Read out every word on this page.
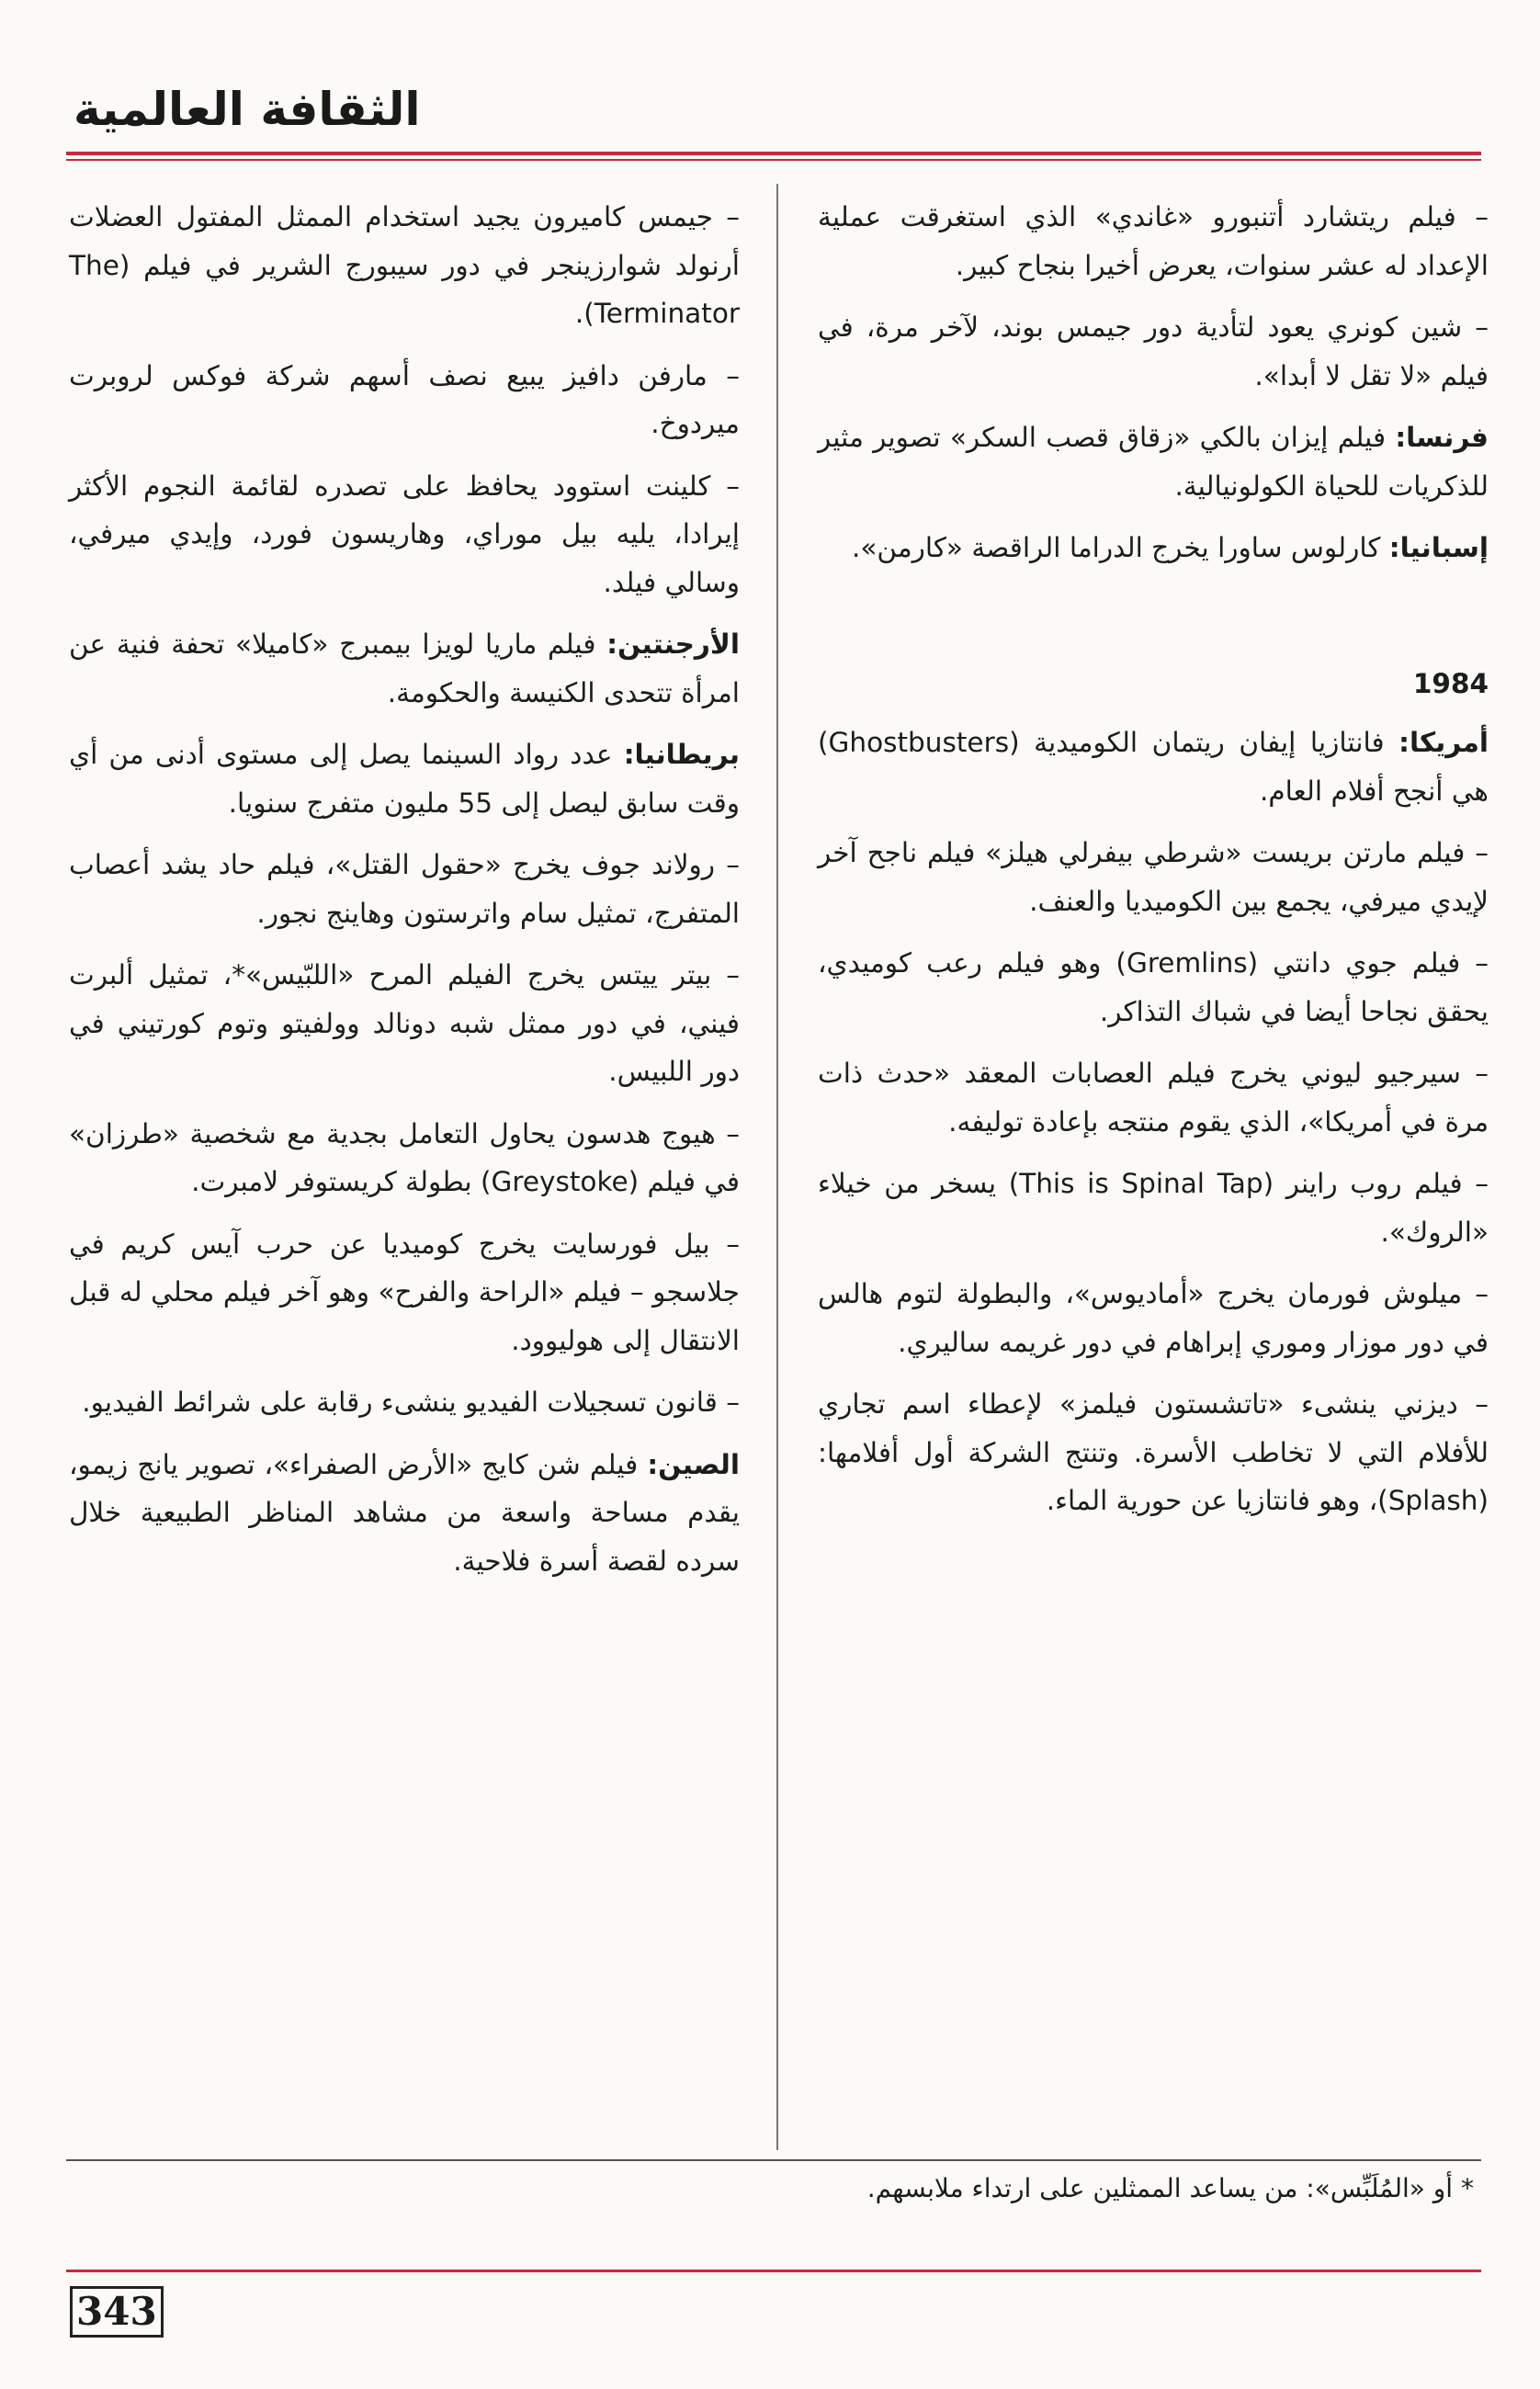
الثقافة العالمية

– فيلم ريتشارد أتنبورو «غاندي» الذي استغرقت عملية الإعداد له عشر سنوات، يعرض أخيرا بنجاح كبير.

– شين كونري يعود لتأدية دور جيمس بوند، لآخر مرة، في فيلم «لا تقل لا أبدا».

فرنسا: فيلم إيزان بالكي «زقاق قصب السكر» تصوير مثير للذكريات للحياة الكولونيالية.

إسبانيا: كارلوس ساورا يخرج الدراما الراقصة «كارمن».

1984

أمريكا: فانتازيا إيفان ريتمان الكوميدية (Ghostbusters) هي أنجح أفلام العام.

– فيلم مارتن بريست «شرطي بيفرلي هيلز» فيلم ناجح آخر لإيدي ميرفي، يجمع بين الكوميديا والعنف.

– فيلم جوي دانتي (Gremlins) وهو فيلم رعب كوميدي، يحقق نجاحا أيضا في شباك التذاكر.

– سيرجيو ليوني يخرج فيلم العصابات المعقد «حدث ذات مرة في أمريكا»، الذي يقوم منتجه بإعادة توليفه.

– فيلم روب راينر (This is Spinal Tap) يسخر من خيلاء «الروك».

– ميلوش فورمان يخرج «أماديوس»، والبطولة لتوم هالس في دور موزار وموري إبراهام في دور غريمه ساليري.

– ديزني ينشىء «تاتشستون فيلمز» لإعطاء اسم تجاري للأفلام التي لا تخاطب الأسرة. وتنتج الشركة أول أفلامها: (Splash)، وهو فانتازيا عن حورية الماء.

– جيمس كاميرون يجيد استخدام الممثل المفتول العضلات أرنولد شوارزينجر في دور سيبورج الشرير في فيلم (The Terminator).

– مارفن دافيز يبيع نصف أسهم شركة فوكس لروبرت ميردوخ.

– كلينت استوود يحافظ على تصدره لقائمة النجوم الأكثر إيرادا، يليه بيل موراي، وهاريسون فورد، وإيدي ميرفي، وسالي فيلد.

الأرجنتين: فيلم ماريا لويزا بيمبرج «كاميلا» تحفة فنية عن امرأة تتحدى الكنيسة والحكومة.

بريطانيا: عدد رواد السينما يصل إلى مستوى أدنى من أي وقت سابق ليصل إلى 55 مليون متفرج سنويا.

– رولاند جوف يخرج «حقول القتل»، فيلم حاد يشد أعصاب المتفرج، تمثيل سام واترستون وهاينج نجور.

– بيتر ييتس يخرج الفيلم المرح «اللبّيس»*، تمثيل ألبرت فيني، في دور ممثل شبه دونالد وولفيتو وتوم كورتيني في دور اللبيس.

– هيوج هدسون يحاول التعامل بجدية مع شخصية «طرزان» في فيلم (Greystoke) بطولة كريستوفر لامبرت.

– بيل فورسايت يخرج كوميديا عن حرب آيس كريم في جلاسجو – فيلم «الراحة والفرح» وهو آخر فيلم محلي له قبل الانتقال إلى هوليوود.

– قانون تسجيلات الفيديو ينشىء رقابة على شرائط الفيديو.

الصين: فيلم شن كايج «الأرض الصفراء»، تصوير يانج زيمو، يقدم مساحة واسعة من مشاهد المناظر الطبيعية خلال سرده لقصة أسرة فلاحية.

* أو «المُلَبِّس»: من يساعد الممثلين على ارتداء ملابسهم.
343
